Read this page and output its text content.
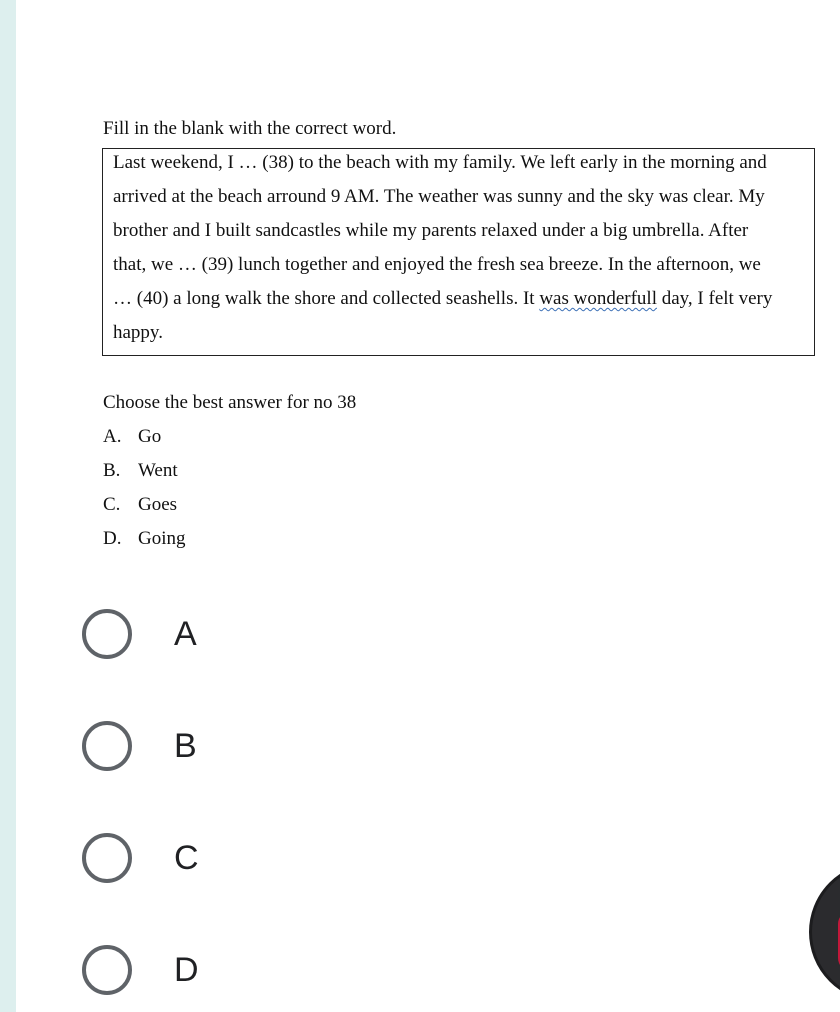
Fill in the blank with the correct word.
Last weekend, I … (38) to the beach with my family. We left early in the morning and
arrived at the beach arround 9 AM. The weather was sunny and the sky was clear. My
brother and I built sandcastles while my parents relaxed under a big umbrella. After
that, we … (39) lunch together and enjoyed the fresh sea breeze. In the afternoon, we
… (40) a long walk the shore and collected seashells. It was wonderfull day, I felt very
happy.
Choose the best answer for no 38
A. Go
B. Went
C. Goes
D. Going
A
B
C
D
